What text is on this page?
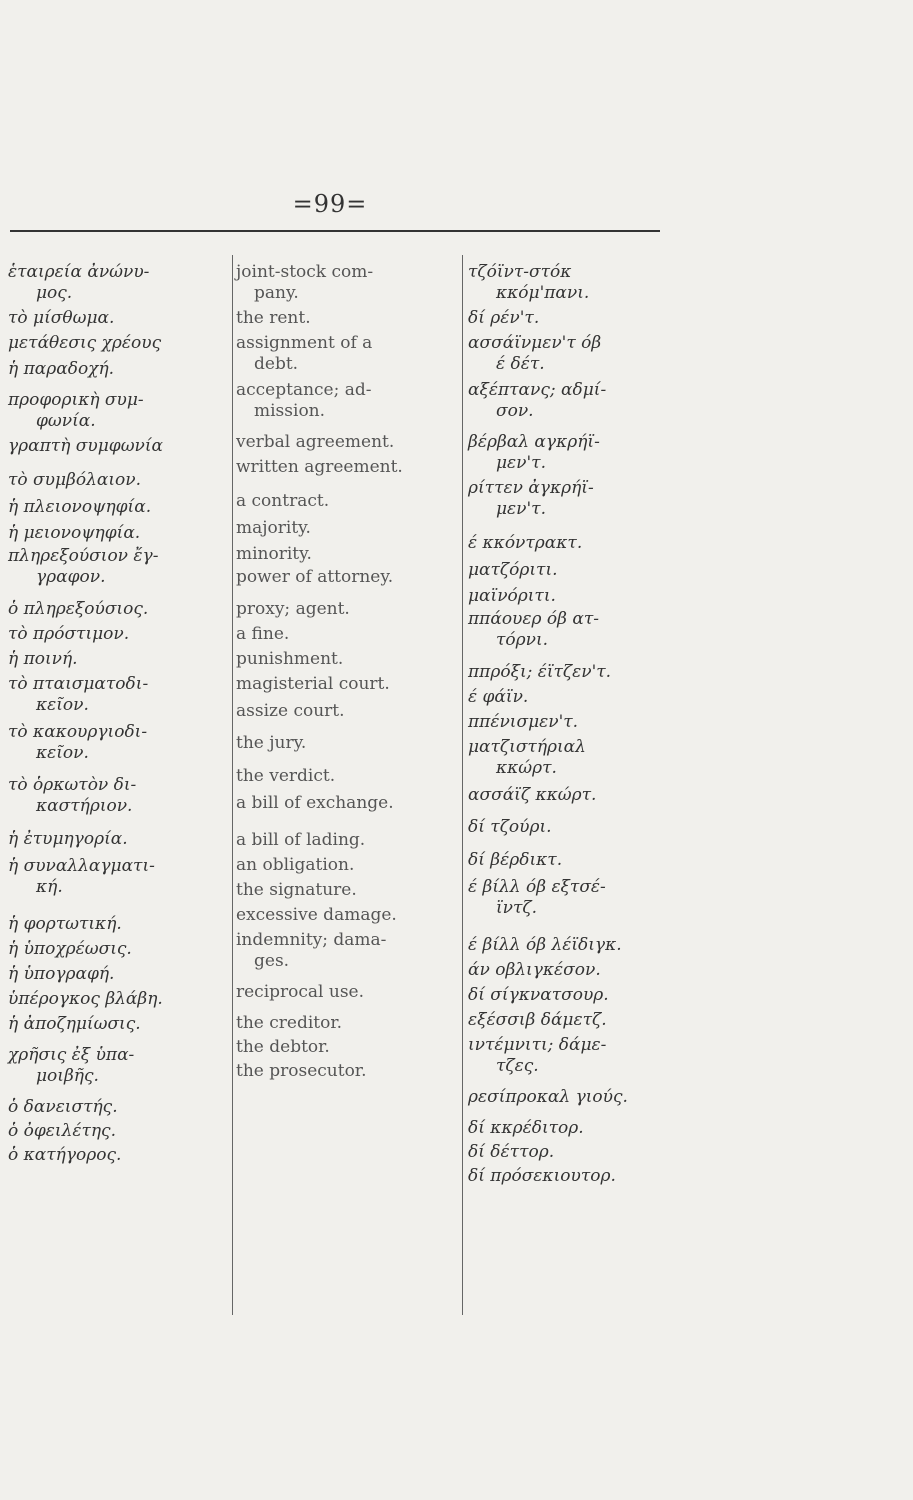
=99=
ἑταιρεία ἀνώνυ-
μος.
τὸ μίσθωμα.
μετάθεσις χρέους
ἡ παραδοχή.
προφορικὴ συμ-
φωνία.
γραπτὴ συμφωνία
τὸ συμβόλαιον.
ἡ πλειονοψηφία.
ἡ μειονοψηφία.
πληρεξούσιον ἔγ-
γραφον.
ὁ πληρεξούσιος.
τὸ πρόστιμον.
ἡ ποινή.
τὸ πταισματοδι-
κεῖον.
τὸ κακουργιοδι-
κεῖον.
τὸ ὁρκωτὸν δι-
καστήριον.
ἡ ἐτυμηγορία.
ἡ συναλλαγματι-
κή.
ἡ φορτωτική.
ἡ ὑποχρέωσις.
ἡ ὑπογραφή.
ὑπέρογκος βλάβη.
ἡ ἀποζημίωσις.
χρῆσις ἐξ ὑπα-
μοιβῆς.
ὁ δανειστής.
ὁ ὀφειλέτης.
ὁ κατήγορος.
joint-stock com-
pany.
the rent.
assignment of a
debt.
acceptance; ad-
mission.
verbal agreement.
written agreement.
a contract.
majority.
minority.
power of attorney.
proxy; agent.
a fine.
punishment.
magisterial court.
assize court.
the jury.
the verdict.
a bill of exchange.
a bill of lading.
an obligation.
the signature.
excessive damage.
indemnity; dama-
ges.
reciprocal use.
the creditor.
the debtor.
the prosecutor.
τζόϊντ-στόκ
κκόμ'πανι.
δί ρέν'τ.
ασσάϊνμεν'τ όβ
έ δέτ.
αξέπτανς; αδμί-
σον.
βέρβαλ αγκρήϊ-
μεν'τ.
ρίττεν ἀγκρήϊ-
μεν'τ.
έ κκόντρακτ.
ματζόριτι.
μαϊνόριτι.
ππάουερ όβ ατ-
τόρνι.
ππρόξι; έϊτζεν'τ.
έ φάϊν.
ππένισμεν'τ.
ματζιστήριαλ
κκώρτ.
ασσάϊζ κκώρτ.
δί τζούρι.
δί βέρδικτ.
έ βίλλ όβ εξτσέ-
ϊντζ.
έ βίλλ όβ λέϊδιγκ.
άν οβλιγκέσον.
δί σίγκνατσουρ.
εξέσσιβ δάμετζ.
ιντέμνιτι; δάμε-
τζες.
ρεσίπροκαλ γιούς.
δί κκρέδιτορ.
δί δέττορ.
δί πρόσεκιουτορ.
